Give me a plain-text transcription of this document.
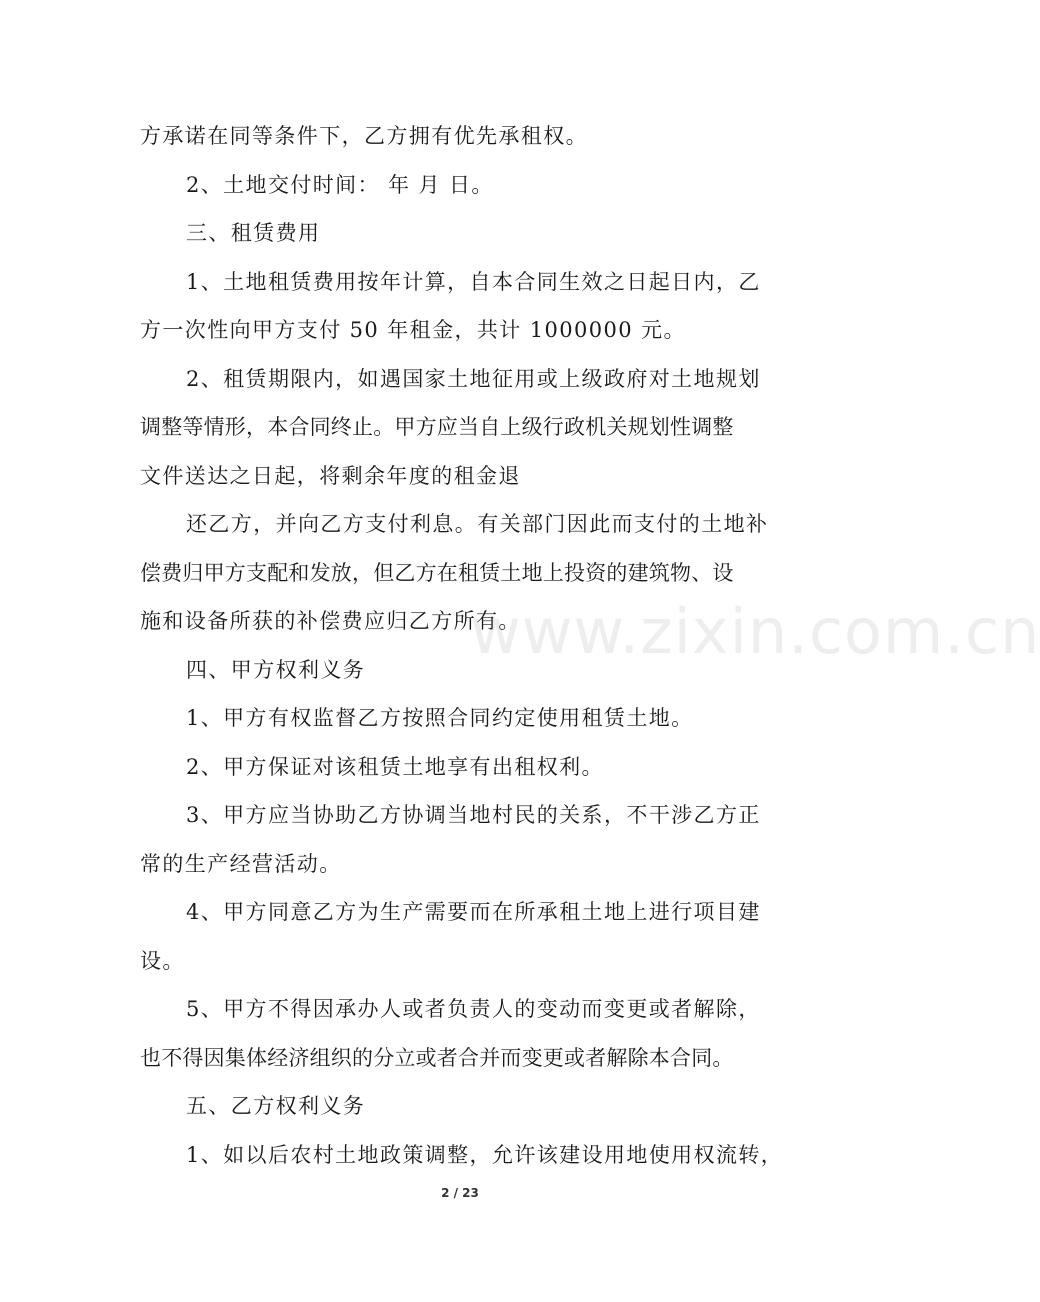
方承诺在同等条件下，乙方拥有优先承租权。
2、土地交付时间： 年 月 日。
三、租赁费用
1、土地租赁费用按年计算，自本合同生效之日起日内，乙
方一次性向甲方支付 50 年租金，共计 1000000 元。
2、租赁期限内，如遇国家土地征用或上级政府对土地规划
调整等情形，本合同终止。甲方应当自上级行政机关规划性调整
文件送达之日起，将剩余年度的租金退
还乙方，并向乙方支付利息。有关部门因此而支付的土地补
偿费归甲方支配和发放，但乙方在租赁土地上投资的建筑物、设
施和设备所获的补偿费应归乙方所有。
四、甲方权利义务
1、甲方有权监督乙方按照合同约定使用租赁土地。
2、甲方保证对该租赁土地享有出租权利。
3、甲方应当协助乙方协调当地村民的关系，不干涉乙方正
常的生产经营活动。
4、甲方同意乙方为生产需要而在所承租土地上进行项目建
设。
5、甲方不得因承办人或者负责人的变动而变更或者解除，
也不得因集体经济组织的分立或者合并而变更或者解除本合同。
五、乙方权利义务
1、如以后农村土地政策调整，允许该建设用地使用权流转，
www.zixin.com.cn
2 / 23
